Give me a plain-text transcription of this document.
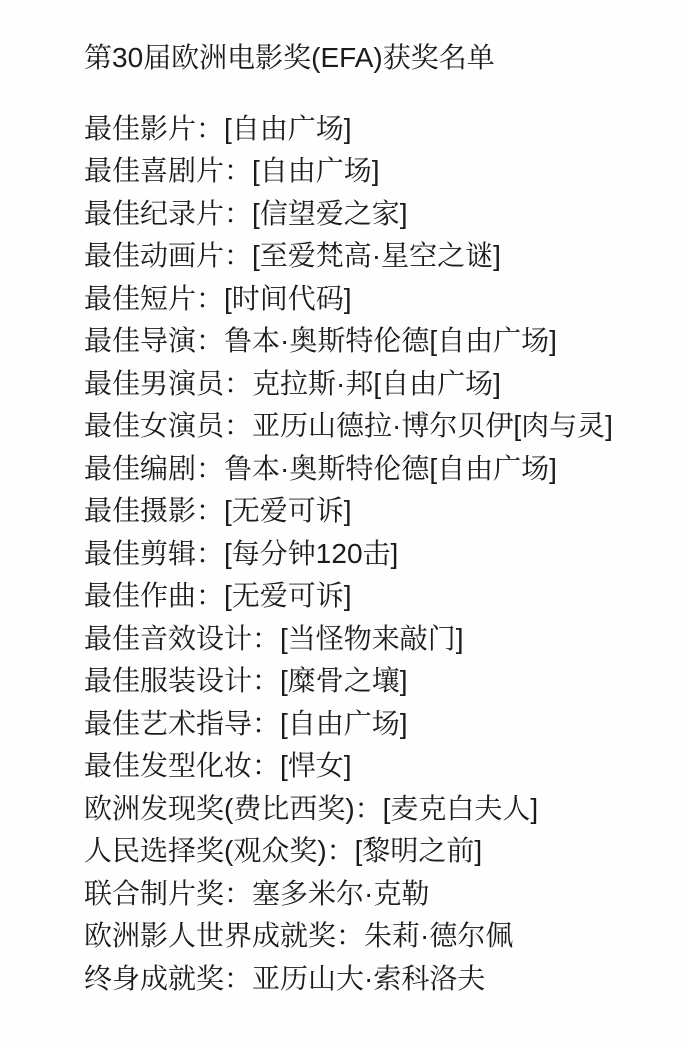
第30届欧洲电影奖(EFA)获奖名单
最佳影片：[自由广场]
最佳喜剧片：[自由广场]
最佳纪录片：[信望爱之家]
最佳动画片：[至爱梵高·星空之谜]
最佳短片：[时间代码]
最佳导演：鲁本·奥斯特伦德[自由广场]
最佳男演员：克拉斯·邦[自由广场]
最佳女演员：亚历山德拉·博尔贝伊[肉与灵]
最佳编剧：鲁本·奥斯特伦德[自由广场]
最佳摄影：[无爱可诉]
最佳剪辑：[每分钟120击]
最佳作曲：[无爱可诉]
最佳音效设计：[当怪物来敲门]
最佳服装设计：[糜骨之壤]
最佳艺术指导：[自由广场]
最佳发型化妆：[悍女]
欧洲发现奖(费比西奖)：[麦克白夫人]
人民选择奖(观众奖)：[黎明之前]
联合制片奖：塞多米尔·克勒
欧洲影人世界成就奖：朱莉·德尔佩
终身成就奖：亚历山大·索科洛夫
